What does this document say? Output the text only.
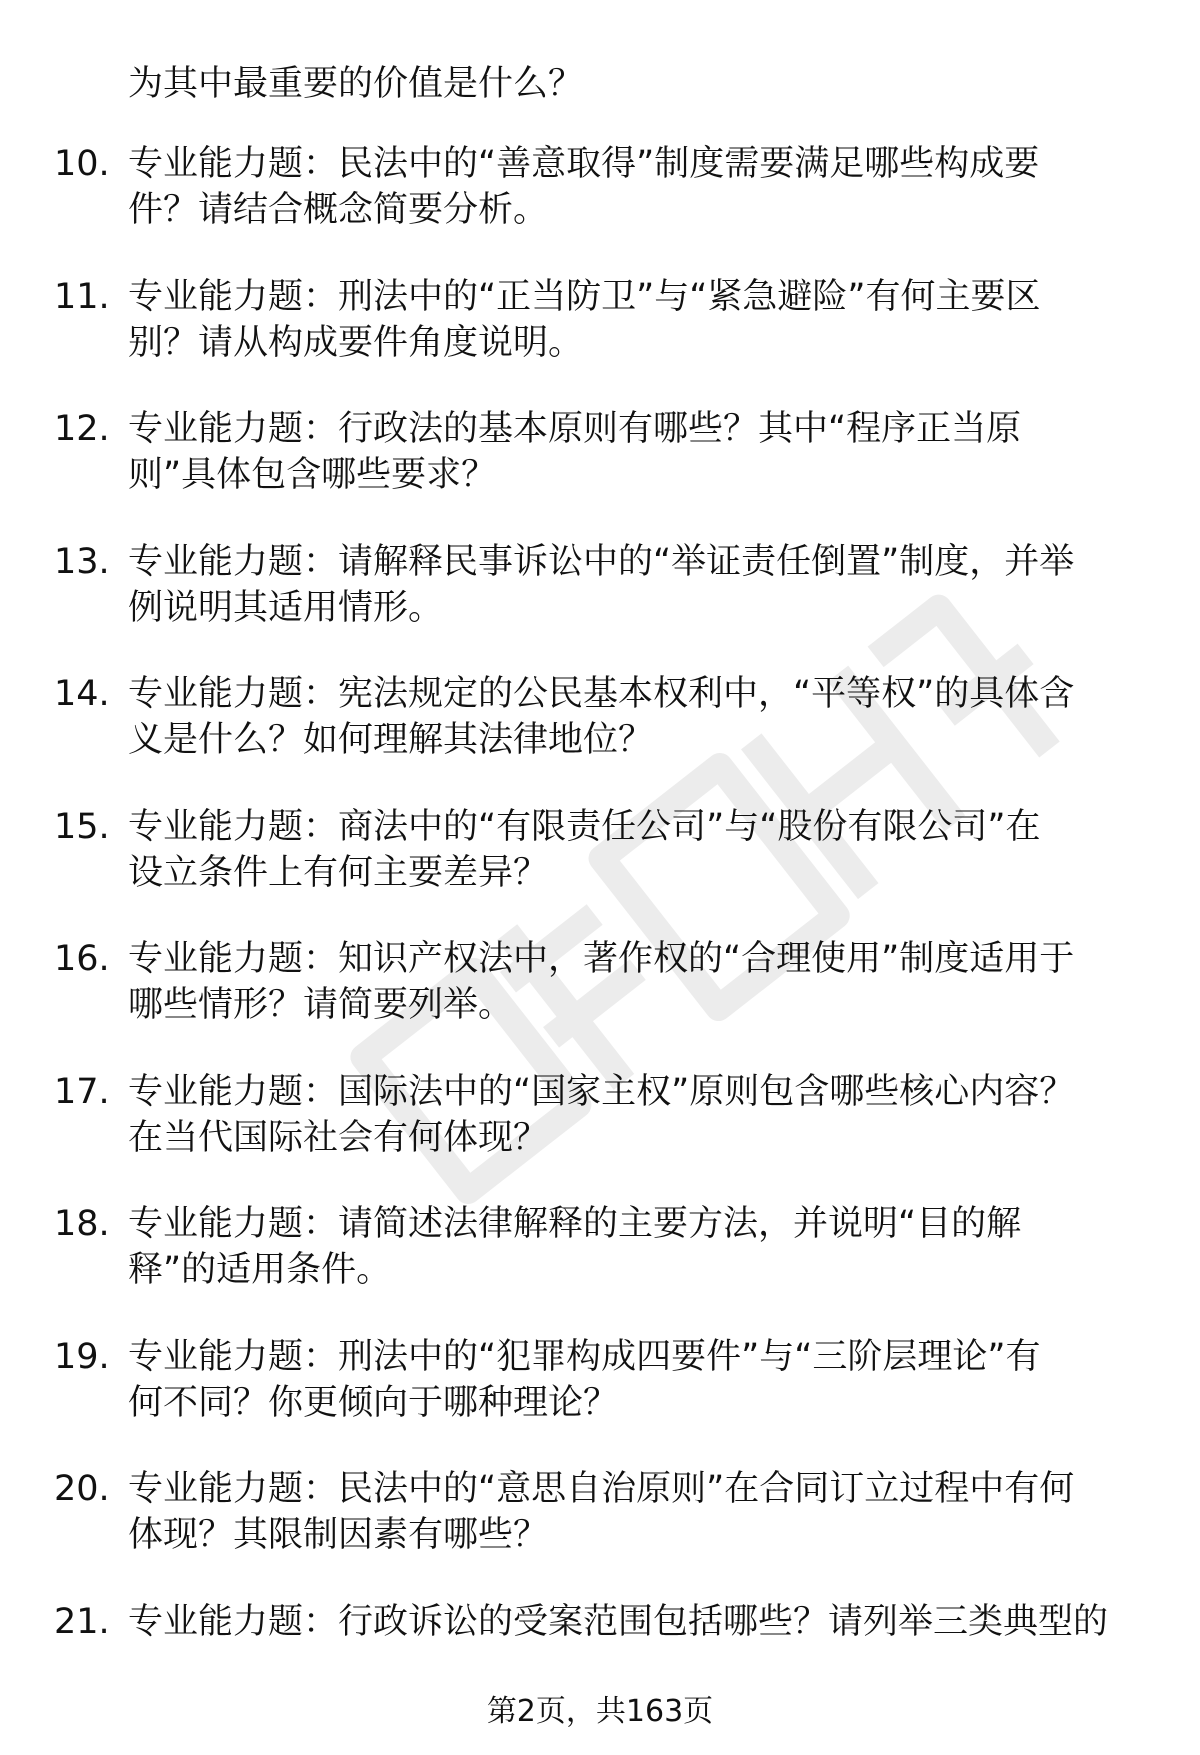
为其中最重要的价值是什么？
10. 专业能力题：民法中的“善意取得”制度需要满足哪些构成要
件？请结合概念简要分析。
11. 专业能力题：刑法中的“正当防卫”与“紧急避险”有何主要区
别？请从构成要件角度说明。
12. 专业能力题：行政法的基本原则有哪些？其中“程序正当原
则”具体包含哪些要求？
13. 专业能力题：请解释民事诉讼中的“举证责任倒置”制度，并举
例说明其适用情形。
14. 专业能力题：宪法规定的公民基本权利中，“平等权”的具体含
义是什么？如何理解其法律地位？
15. 专业能力题：商法中的“有限责任公司”与“股份有限公司”在
设立条件上有何主要差异？
16. 专业能力题：知识产权法中，著作权的“合理使用”制度适用于
哪些情形？请简要列举。
17. 专业能力题：国际法中的“国家主权”原则包含哪些核心内容？
在当代国际社会有何体现？
18. 专业能力题：请简述法律解释的主要方法，并说明“目的解
释”的适用条件。
19. 专业能力题：刑法中的“犯罪构成四要件”与“三阶层理论”有
何不同？你更倾向于哪种理论？
20. 专业能力题：民法中的“意思自治原则”在合同订立过程中有何
体现？其限制因素有哪些？
21. 专业能力题：行政诉讼的受案范围包括哪些？请列举三类典型的
第2页，共163页
